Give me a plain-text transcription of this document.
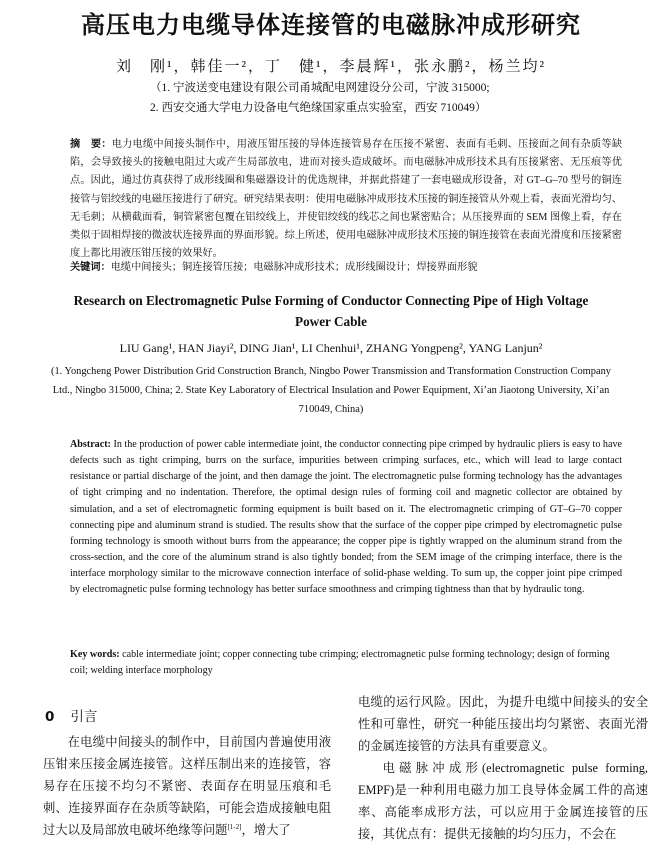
高压电力电缆导体连接管的电磁脉冲成形研究
刘　刚¹，韩佳一²，丁　健¹，李晨辉¹，张永鹏²，杨兰均²
（1. 宁波送变电建设有限公司甬城配电网建设分公司，宁波 315000;
2. 西安交通大学电力设备电气绝缘国家重点实验室，西安 710049）
摘　要：电力电缆中间接头制作中，用液压钳压接的导体连接管易存在压接不紧密、表面有毛刺、压接面之间有杂质等缺陷，会导致接头的接触电阻过大或产生局部放电，进而对接头造成破坏。而电磁脉冲成形技术具有压接紧密、无压痕等优点。因此，通过仿真获得了成形线圈和集磁器设计的优选规律，并据此搭建了一套电磁成形设备，对 GT–G–70 型号的铜连接管与铝绞线的电磁压接进行了研究。研究结果表明：使用电磁脉冲成形技术压接的铜连接管从外观上看，表面光滑均匀、无毛刺；从横截面看，铜管紧密包覆在铝绞线上，并使铝绞线的线芯之间也紧密贴合；从压接界面的 SEM 图像上看，存在类似于固相焊接的微波状连接界面的界面形貌。综上所述，使用电磁脉冲成形技术压接的铜连接管在表面光滑度和压接紧密度上都比用液压钳压接的效果好。
关键词：电缆中间接头；铜连接管压接；电磁脉冲成形技术；成形线圈设计；焊接界面形貌
Research on Electromagnetic Pulse Forming of Conductor Connecting Pipe of High Voltage Power Cable
LIU Gang¹, HAN Jiayi², DING Jian¹, LI Chenhui¹, ZHANG Yongpeng², YANG Lanjun²
(1. Yongcheng Power Distribution Grid Construction Branch, Ningbo Power Transmission and Transformation Construction Company Ltd., Ningbo 315000, China; 2. State Key Laboratory of Electrical Insulation and Power Equipment, Xi’an Jiaotong University, Xi’an 710049, China)
Abstract: In the production of power cable intermediate joint, the conductor connecting pipe crimped by hydraulic pliers is easy to have defects such as tight crimping, burrs on the surface, impurities between crimping surfaces, etc., which will lead to large contact resistance or partial discharge of the joint, and then damage the joint. The electromagnetic pulse forming technology has the advantages of tight crimping and no indentation. Therefore, the optimal design rules of forming coil and magnetic collector are obtained by simulation, and a set of electromagnetic forming equipment is built based on it. The electromagnetic crimping of GT–G–70 copper connecting pipe and aluminum strand is studied. The results show that the surface of the copper pipe crimped by electromagnetic pulse forming technology is smooth without burrs from the appearance; the copper pipe is tightly wrapped on the aluminum strand from the cross-section, and the core of the aluminum strand is also tightly bonded; from the SEM image of the crimping interface, there is the interface morphology similar to the microwave connection interface of solid-phase welding. To sum up, the copper joint pipe crimped by electromagnetic pulse forming technology has better surface smoothness and crimping tightness than that by hydraulic tong.
Key words: cable intermediate joint; copper connecting tube crimping; electromagnetic pulse forming technology; design of forming coil; welding interface morphology
0 引言
在电缆中间接头的制作中，目前国内普遍使用液压钳来压接金属连接管。这样压制出来的连接管，容易存在压接不均匀不紧密、表面存在明显压痕和毛刺、连接界面存在杂质等缺陷，可能会造成接触电阻过大以及局部放电破坏绝缘等问题[1-2]，增大了
电缆的运行风险。因此，为提升电缆中间接头的安全性和可靠性，研究一种能压接出均匀紧密、表面光滑的金属连接管的方法具有重要意义。
电磁脉冲成形(electromagnetic pulse forming, EMPF)是一种利用电磁力加工良导体金属工件的高速率、高能率成形方法，可以应用于金属连接管的压接，其优点有：提供无接触的均匀压力，不会在
